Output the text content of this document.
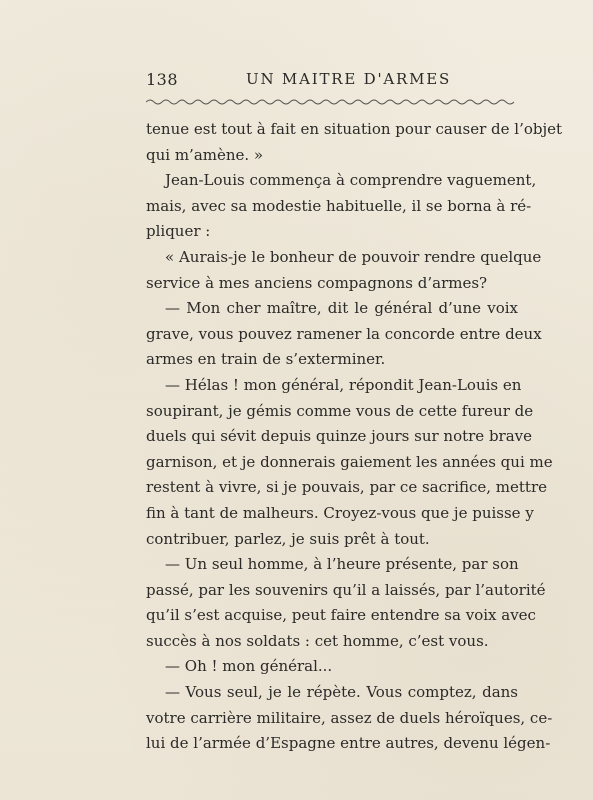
138	UN MAITRE D'ARMES
tenue est tout à fait en situation pour causer de l’objet
qui m’amène. »
Jean-Louis commença à comprendre vaguement,
mais, avec sa modestie habituelle, il se borna à ré-
pliquer :
« Aurais-je le bonheur de pouvoir rendre quelque
service à mes anciens compagnons d’armes?
— Mon cher maître, dit le général d’une voix
grave, vous pouvez ramener la concorde entre deux
armes en train de s’exterminer.
— Hélas ! mon général, répondit Jean-Louis en
soupirant, je gémis comme vous de cette fureur de
duels qui sévit depuis quinze jours sur notre brave
garnison, et je donnerais gaiement les années qui me
restent à vivre, si je pouvais, par ce sacrifice, mettre
fin à tant de malheurs. Croyez-vous que je puisse y
contribuer, parlez, je suis prêt à tout.
— Un seul homme, à l’heure présente, par son
passé, par les souvenirs qu’il a laissés, par l’autorité
qu’il s’est acquise, peut faire entendre sa voix avec
succès à nos soldats : cet homme, c’est vous.
— Oh ! mon général...
— Vous seul, je le répète. Vous comptez, dans
votre carrière militaire, assez de duels héroïques, ce-
lui de l’armée d’Espagne entre autres, devenu légen-
